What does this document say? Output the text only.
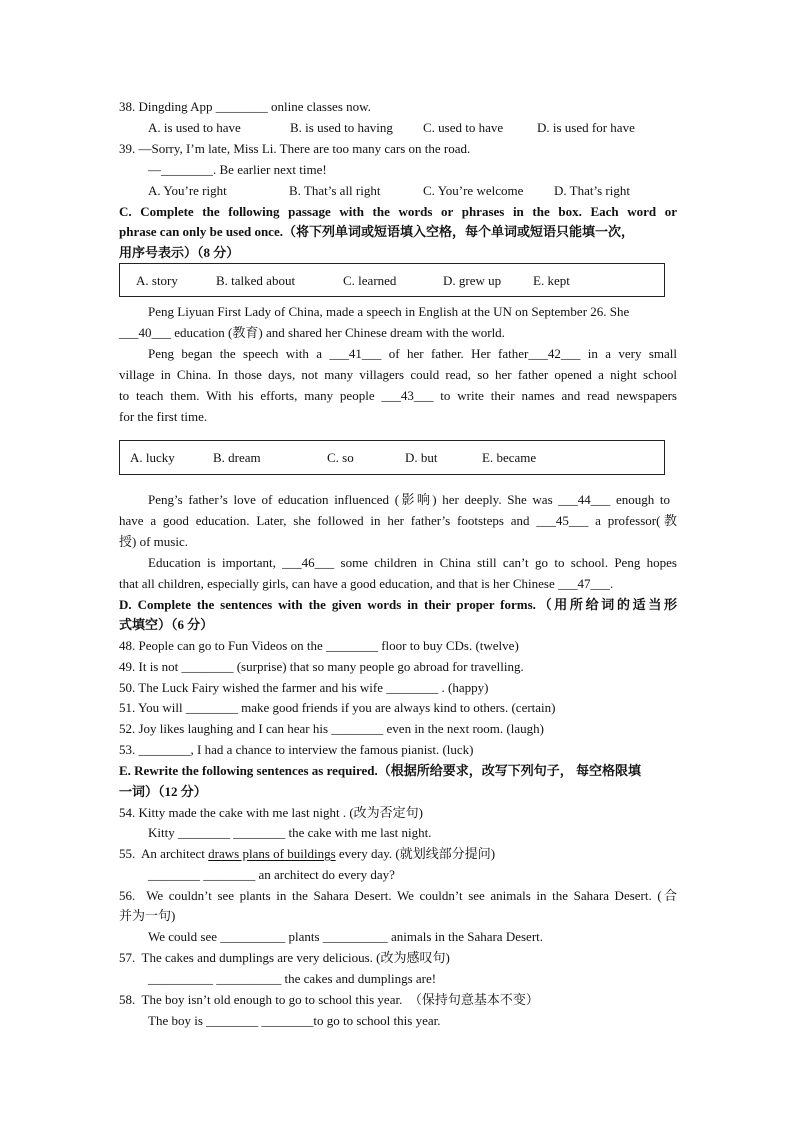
38. Dingding App ________ online classes now.
A. is used to have	B. is used to having C. used to have	D. is used for have
39. —Sorry, I’m late, Miss Li. There are too many cars on the road.
—________. Be earlier next time!
A. You’re right	B. That’s all right	C. You’re welcome D. That’s right
C. Complete the following passage with the words or phrases in the box. Each word or
phrase can only be used once.（将下列单词或短语填入空格，每个单词或短语只能填一次，
用序号表示）（8 分）
A. story	B. talked about	C. learned	D. grew up E. kept
Peng Liyuan First Lady of China, made a speech in English at the UN on September 26. She
___40___ education (教育) and shared her Chinese dream with the world.
Peng began the speech with a ___41___ of her father. Her father___42___ in a very small
village in China. In those days, not many villagers could read, so her father opened a night school
to teach them. With his efforts, many people ___43___ to write their names and read newspapers
for the first time.
A. lucky	B. dream	C. so	D. but	E. became
Peng’s father’s love of education influenced (影响) her deeply. She was ___44___ enough to
have a good education. Later, she followed in her father’s footsteps and ___45___ a professor(教
授) of music.
Education is important, ___46___ some children in China still can’t go to school. Peng hopes
that all children, especially girls, can have a good education, and that is her Chinese ___47___.
D. Complete the sentences with the given words in their proper forms.（用所给词的适当形
式填空）（6 分）
48. People can go to Fun Videos on the ________ floor to buy CDs. (twelve)
49. It is not ________ (surprise) that so many people go abroad for travelling.
50. The Luck Fairy wished the farmer and his wife ________ . (happy)
51. You will ________ make good friends if you are always kind to others. (certain)
52. Joy likes laughing and I can hear his ________ even in the next room. (laugh)
53. ________, I had a chance to interview the famous pianist. (luck)
E. Rewrite the following sentences as required.（根据所给要求，改写下列句子， 每空格限填
一词）（12 分）
54. Kitty made the cake with me last night . (改为否定句)
Kitty ________ ________ the cake with me last night.
55.  An architect draws plans of buildings every day. (就划线部分提问)
________ ________ an architect do every day?
56.  We couldn’t see plants in the Sahara Desert. We couldn’t see animals in the Sahara Desert. (合
并为一句)
We could see __________ plants __________ animals in the Sahara Desert.
57.  The cakes and dumplings are very delicious. (改为感叹句)
__________ __________ the cakes and dumplings are!
58.  The boy isn’t old enough to go to school this year.  （保持句意基本不变）
The boy is ________ ________to go to school this year.
